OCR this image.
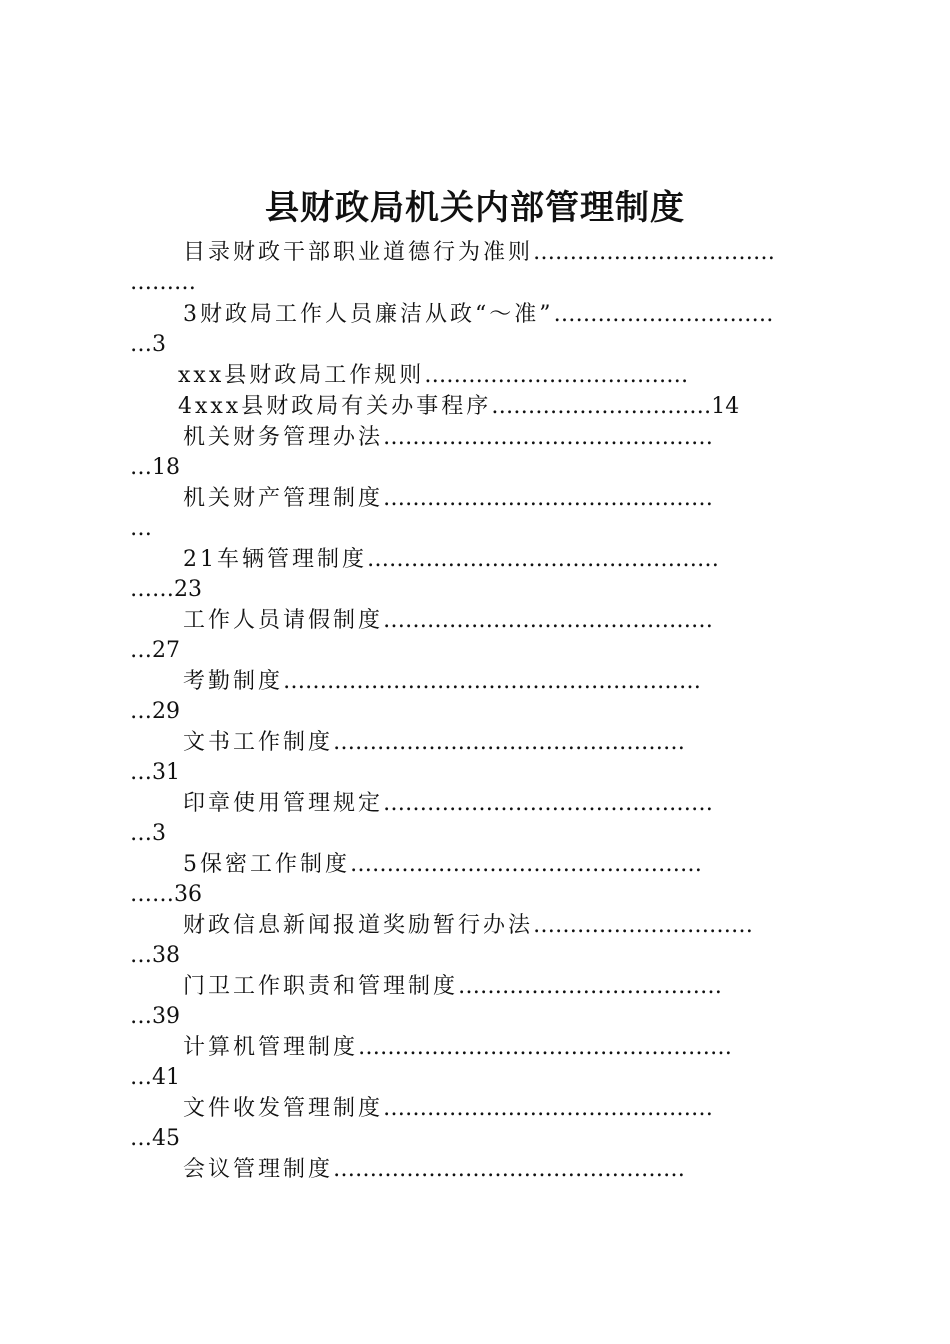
县财政局机关内部管理制度
目录财政干部职业道德行为准则……………………………
………
3财政局工作人员廉洁从政“～准”…………………………
…3
xxx县财政局工作规则………………………………
4xxx县财政局有关办事程序…………………………14
机关财务管理办法………………………………………
…18
机关财产管理制度………………………………………
…
21车辆管理制度…………………………………………
……23
工作人员请假制度………………………………………
…27
考勤制度…………………………………………………
…29
文书工作制度…………………………………………
…31
印章使用管理规定………………………………………
…3
5保密工作制度…………………………………………
……36
财政信息新闻报道奖励暂行办法…………………………
…38
门卫工作职责和管理制度………………………………
…39
计算机管理制度……………………………………………
…41
文件收发管理制度………………………………………
…45
会议管理制度…………………………………………
